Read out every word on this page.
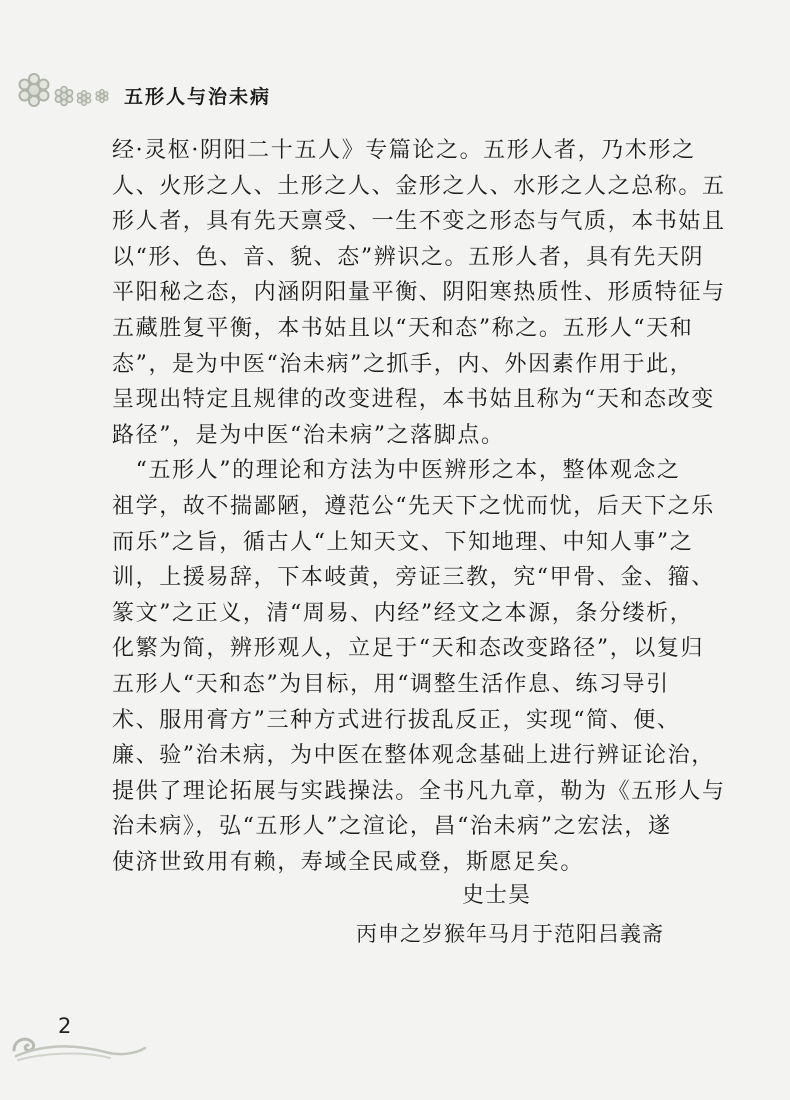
五形人与治未病
经·灵枢·阴阳二十五人》专篇论之。五形人者，乃木形之
人、火形之人、土形之人、金形之人、水形之人之总称。五
形人者，具有先天禀受、一生不变之形态与气质，本书姑且
以“形、色、音、貌、态”辨识之。五形人者，具有先天阴
平阳秘之态，内涵阴阳量平衡、阴阳寒热质性、形质特征与
五藏胜复平衡，本书姑且以“天和态”称之。五形人“天和
态”，是为中医“治未病”之抓手，内、外因素作用于此，
呈现出特定且规律的改变进程，本书姑且称为“天和态改变
路径”，是为中医“治未病”之落脚点。
　“五形人”的理论和方法为中医辨形之本，整体观念之
祖学，故不揣鄙陋，遵范公“先天下之忧而忧，后天下之乐
而乐”之旨，循古人“上知天文、下知地理、中知人事”之
训，上援易辞，下本岐黄，旁证三教，究“甲骨、金、籀、
篆文”之正义，清“周易、内经”经文之本源，条分缕析，
化繁为简，辨形观人，立足于“天和态改变路径”，以复归
五形人“天和态”为目标，用“调整生活作息、练习导引
术、服用膏方”三种方式进行拔乱反正，实现“简、便、
廉、验”治未病，为中医在整体观念基础上进行辨证论治，
提供了理论拓展与实践操法。全书凡九章，勒为《五形人与
治未病》，弘“五形人”之渲论，昌“治未病”之宏法，遂
使济世致用有赖，寿域全民咸登，斯愿足矣。
史士昊
丙申之岁猴年马月于范阳吕義斋
2
